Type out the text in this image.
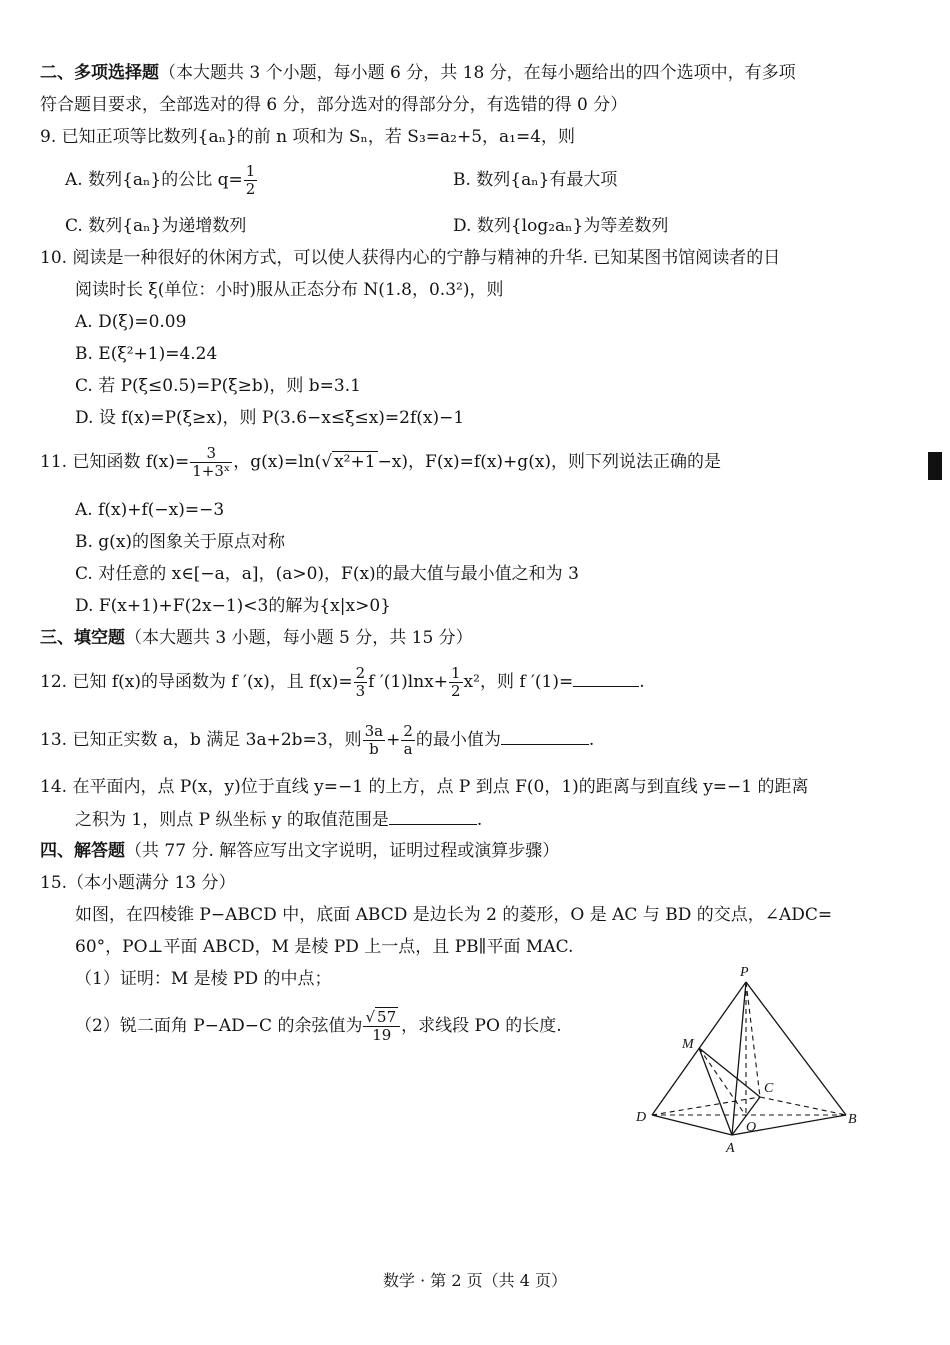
二、多项选择题（本大题共 3 个小题，每小题 6 分，共 18 分，在每小题给出的四个选项中，有多项
符合题目要求，全部选对的得 6 分，部分选对的得部分分，有选错的得 0 分）
9. 已知正项等比数列{aₙ}的前 n 项和为 Sₙ，若 S₃=a₂+5，a₁=4，则
A. 数列{aₙ}的公比 $q= \frac{1}{2}$	B. 数列{aₙ}有最大项
C. 数列{aₙ}为递增数列	D. 数列{log₂aₙ}为等差数列
10. 阅读是一种很好的休闲方式，可以使人获得内心的宁静与精神的升华. 已知某图书馆阅读者的日
阅读时长 ξ(单位：小时)服从正态分布 N(1.8，0.3²)，则
A. D(ξ)=0.09
B. E(ξ²+1)=4.24
C. 若 P(ξ≤0.5)=P(ξ≥b)，则 b=3.1
D. 设 f(x)=P(ξ≥x)，则 P(3.6−x≤ξ≤x)=2f(x)−1
11. 已知函数 $f(x)= \frac{3}{\text{1+3ˣ}}$ ，g(x)=ln(√ x²+1 −x)，F(x)=f(x)+g(x)，则下列说法正确的是
A. f(x)+f(−x)=−3
B. g(x)的图象关于原点对称
C. 对任意的 x∈[−a，a]，(a>0)，F(x)的最大值与最小值之和为 3
D. F(x+1)+F(2x−1)<3的解为{x|x>0}
三、填空题（本大题共 3 小题，每小题 5 分，共 15 分）
12. 已知 f(x)的导函数为 f ′(x)，且 $f(x)= \frac{2}{3}$ f $'(1)\ln x+ \frac{1}{2} x^2$，则 f ′(1)=	.
13. 已知正实数 a，b 满足 3a+2b=3，则 $\frac{3a}{b} + \frac{2}{a}$ 的最小值为	.
14. 在平面内，点 P(x，y)位于直线 y=−1 的上方，点 P 到点 F(0，1)的距离与到直线 y=−1 的距离
之积为 1，则点 P 纵坐标 y 的取值范围是	.
四、解答题（共 77 分. 解答应写出文字说明，证明过程或演算步骤）
15.（本小题满分 13 分）
如图，在四棱锥 P−ABCD 中，底面 ABCD 是边长为 2 的菱形，O 是 AC 与 BD 的交点，∠ADC=
60°，PO⊥平面 ABCD，M 是棱 PD 上一点，且 PB∥平面 MAC.
（1）证明：M 是棱 PD 的中点；
（2）锐二面角 P−AD−C 的余弦值为 $\frac{√ 57}{19}$ ，求线段 PO 的长度.
P
M
C
D
O
B
A
数学 · 第 2 页（共 4 页）
